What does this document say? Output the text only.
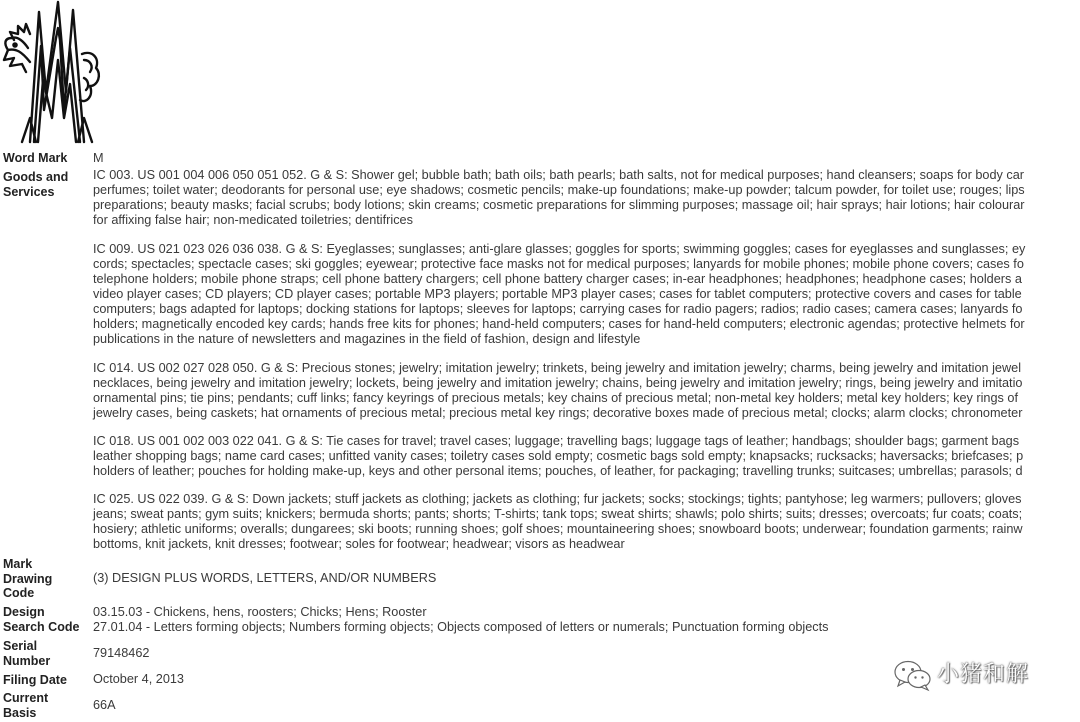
Word Mark	M
Goods and
Services
IC 003. US 001 004 006 050 051 052. G & S: Shower gel; bubble bath; bath oils; bath pearls; bath salts, not for medical purposes; hand cleansers; soaps for body car
perfumes; toilet water; deodorants for personal use; eye shadows; cosmetic pencils; make-up foundations; make-up powder; talcum powder, for toilet use; rouges; lips
preparations; beauty masks; facial scrubs; body lotions; skin creams; cosmetic preparations for slimming purposes; massage oil; hair sprays; hair lotions; hair colourar
for affixing false hair; non-medicated toiletries; dentifrices
IC 009. US 021 023 026 036 038. G & S: Eyeglasses; sunglasses; anti-glare glasses; goggles for sports; swimming goggles; cases for eyeglasses and sunglasses; ey
cords; spectacles; spectacle cases; ski goggles; eyewear; protective face masks not for medical purposes; lanyards for mobile phones; mobile phone covers; cases fo
telephone holders; mobile phone straps; cell phone battery chargers; cell phone battery charger cases; in-ear headphones; headphones; headphone cases; holders a
video player cases; CD players; CD player cases; portable MP3 players; portable MP3 player cases; cases for tablet computers; protective covers and cases for table
computers; bags adapted for laptops; docking stations for laptops; sleeves for laptops; carrying cases for radio pagers; radios; radio cases; camera cases; lanyards fo
holders; magnetically encoded key cards; hands free kits for phones; hand-held computers; cases for hand-held computers; electronic agendas; protective helmets for
publications in the nature of newsletters and magazines in the field of fashion, design and lifestyle
IC 014. US 002 027 028 050. G & S: Precious stones; jewelry; imitation jewelry; trinkets, being jewelry and imitation jewelry; charms, being jewelry and imitation jewel
necklaces, being jewelry and imitation jewelry; lockets, being jewelry and imitation jewelry; chains, being jewelry and imitation jewelry; rings, being jewelry and imitatio
ornamental pins; tie pins; pendants; cuff links; fancy keyrings of precious metals; key chains of precious metal; non-metal key holders; metal key holders; key rings of
jewelry cases, being caskets; hat ornaments of precious metal; precious metal key rings; decorative boxes made of precious metal; clocks; alarm clocks; chronometer
IC 018. US 001 002 003 022 041. G & S: Tie cases for travel; travel cases; luggage; travelling bags; luggage tags of leather; handbags; shoulder bags; garment bags
leather shopping bags; name card cases; unfitted vanity cases; toiletry cases sold empty; cosmetic bags sold empty; knapsacks; rucksacks; haversacks; briefcases; p
holders of leather; pouches for holding make-up, keys and other personal items; pouches, of leather, for packaging; travelling trunks; suitcases; umbrellas; parasols; d
IC 025. US 022 039. G & S: Down jackets; stuff jackets as clothing; jackets as clothing; fur jackets; socks; stockings; tights; pantyhose; leg warmers; pullovers; gloves
jeans; sweat pants; gym suits; knickers; bermuda shorts; pants; shorts; T-shirts; tank tops; sweat shirts; shawls; polo shirts; suits; dresses; overcoats; fur coats; coats;
hosiery; athletic uniforms; overalls; dungarees; ski boots; running shoes; golf shoes; mountaineering shoes; snowboard boots; underwear; foundation garments; rainw
bottoms, knit jackets, knit dresses; footwear; soles for footwear; headwear; visors as headwear
Mark
Drawing
Code
(3) DESIGN PLUS WORDS, LETTERS, AND/OR NUMBERS
Design
Search Code
03.15.03 - Chickens, hens, roosters; Chicks; Hens; Rooster
27.01.04 - Letters forming objects; Numbers forming objects; Objects composed of letters or numerals; Punctuation forming objects
Serial
Number
79148462
Filing Date	October 4, 2013
Current
Basis
66A
小猪和解
